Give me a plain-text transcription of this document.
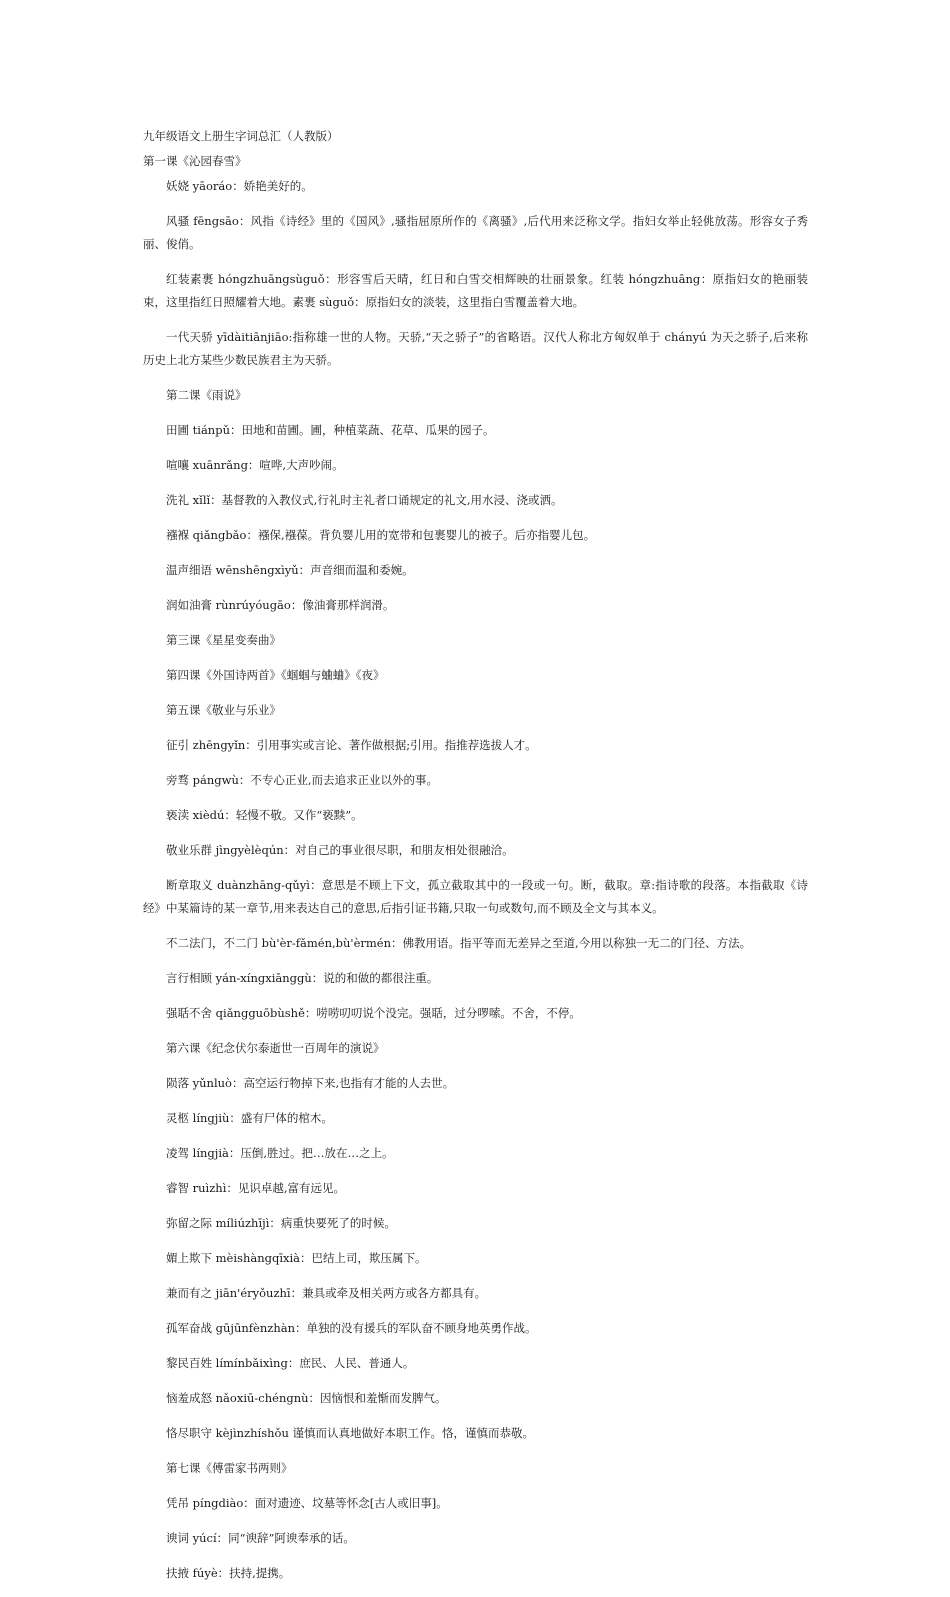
九年级语文上册生字词总汇（人教版）

第一课《沁园春雪》

妖娆 yāoráo：娇艳美好的。

风骚 fēngsāo：风指《诗经》里的《国风》,骚指屈原所作的《离骚》,后代用来泛称文学。指妇女举止轻佻放荡。形容女子秀丽、俊俏。

红装素裹 hóngzhuāngsùguǒ：形容雪后天晴，红日和白雪交相辉映的壮丽景象。红装 hóngzhuāng：原指妇女的艳丽装束，这里指红日照耀着大地。素裹 sùguǒ：原指妇女的淡装，这里指白雪覆盖着大地。

一代天骄 yīdàitiānjiāo:指称雄一世的人物。天骄,“天之骄子”的省略语。汉代人称北方匈奴单于 chányú 为天之骄子,后来称历史上北方某些少数民族君主为天骄。

第二课《雨说》

田圃 tiánpǔ：田地和苗圃。圃，种植菜蔬、花草、瓜果的园子。

喧嚷 xuānrǎng：喧哗,大声吵闹。

洗礼 xǐlǐ：基督教的入教仪式,行礼时主礼者口诵规定的礼文,用水浸、浇或洒。

襁褓 qiǎngbǎo：襁保,襁葆。背负婴儿用的宽带和包裹婴儿的被子。后亦指婴儿包。

温声细语 wēnshēngxìyǔ：声音细而温和委婉。

润如油膏 rùnrúyóugāo：像油膏那样润滑。

第三课《星星变奏曲》

第四课《外国诗两首》《蝈蝈与蛐蛐》《夜》

第五课《敬业与乐业》

征引 zhēngyǐn：引用事实或言论、著作做根据;引用。指推荐选拔人才。

旁骛 pángwù：不专心正业,而去追求正业以外的事。

亵渎 xièdú：轻慢不敬。又作“亵黩”。

敬业乐群 jìngyèlèqún：对自己的事业很尽职，和朋友相处很融洽。

断章取义 duànzhāng-qǔyì：意思是不顾上下文，孤立截取其中的一段或一句。断，截取。章:指诗歌的段落。本指截取《诗经》中某篇诗的某一章节,用来表达自己的意思,后指引证书籍,只取一句或数句,而不顾及全文与其本义。

不二法门，不二门 bù'èr-fǎmén,bù'èrmén：佛教用语。指平等而无差异之至道,今用以称独一无二的门径、方法。

言行相顾 yán-xíngxiānggù：说的和做的都很注重。

强聒不舍 qiǎngguōbùshě：唠唠叨叨说个没完。强聒，过分啰嗦。不舍，不停。

第六课《纪念伏尔泰逝世一百周年的演说》

陨落 yǔnluò：高空运行物掉下来,也指有才能的人去世。

灵柩 língjiù：盛有尸体的棺木。

凌驾 língjià：压倒,胜过。把…放在…之上。

睿智 ruìzhì：见识卓越,富有远见。

弥留之际 míliúzhījì：病重快要死了的时候。

媚上欺下 mèishàngqīxià：巴结上司，欺压属下。

兼而有之 jiān'éryǒuzhī：兼具或牵及相关两方或各方都具有。

孤军奋战 gūjūnfènzhàn：单独的没有援兵的军队奋不顾身地英勇作战。

黎民百姓 límínbǎixìng：庶民、人民、普通人。

恼羞成怒 nǎoxiū-chéngnù：因恼恨和羞惭而发脾气。

恪尽职守 kèjìnzhíshǒu 谨慎而认真地做好本职工作。恪，谨慎而恭敬。

第七课《傅雷家书两则》

凭吊 píngdiào：面对遗迹、坟墓等怀念[古人或旧事]。

谀词 yúcí：同“谀辞”阿谀奉承的话。

扶掖 fúyè：扶持,提携。
